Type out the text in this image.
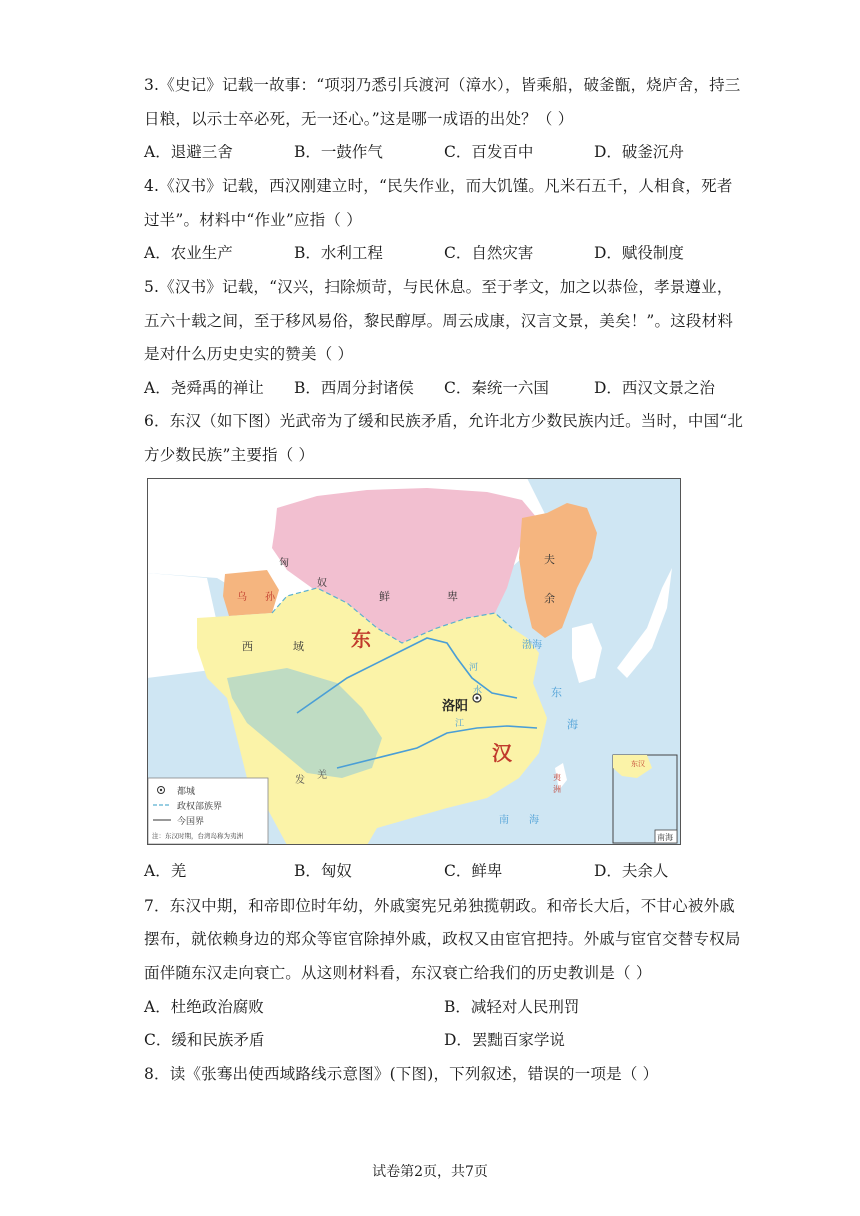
3.《史记》记载一故事：“项羽乃悉引兵渡河（漳水），皆乘船，破釜甑，烧庐舍，持三
日粮，以示士卒必死，无一还心。”这是哪一成语的出处？（ ）
A．退避三舍	B．一鼓作气	C．百发百中	D．破釜沉舟
4.《汉书》记载，西汉刚建立时，“民失作业，而大饥馑。凡米石五千，人相食，死者
过半”。材料中“作业”应指（ ）
A．农业生产	B．水利工程	C．自然灾害	D．赋役制度
5.《汉书》记载，“汉兴，扫除烦苛，与民休息。至于孝文，加之以恭俭，孝景遵业，
五六十载之间，至于移风易俗，黎民醇厚。周云成康，汉言文景，美矣！”。这段材料
是对什么历史史实的赞美（ ）
A．尧舜禹的禅让 B．西周分封诸侯 C．秦统一六国	D．西汉文景之治
6．东汉（如下图）光武帝为了缓和民族矛盾，允许北方少数民族内迁。当时，中国“北
方少数民族”主要指（ ）
匈
奴
鲜	卑
乌 孙
夫
余
西	域 东
汉
发 羌
洛阳
河
水
江
渤海
东
海
夷
洲
南 海
东汉
南海
都城
政权部族界
今国界
注：东汉时期，台湾岛称为夷洲
A．羌	B．匈奴	C．鲜卑	D．夫余人
7．东汉中期，和帝即位时年幼，外戚窦宪兄弟独揽朝政。和帝长大后，不甘心被外戚
摆布，就依赖身边的郑众等宦官除掉外戚，政权又由宦官把持。外戚与宦官交替专权局
面伴随东汉走向衰亡。从这则材料看，东汉衰亡给我们的历史教训是（ ）
A．杜绝政治腐败	B．减轻对人民刑罚
C．缓和民族矛盾	D．罢黜百家学说
8．读《张骞出使西域路线示意图》(下图)，下列叙述，错误的一项是（ ）
试卷第2页，共7页
